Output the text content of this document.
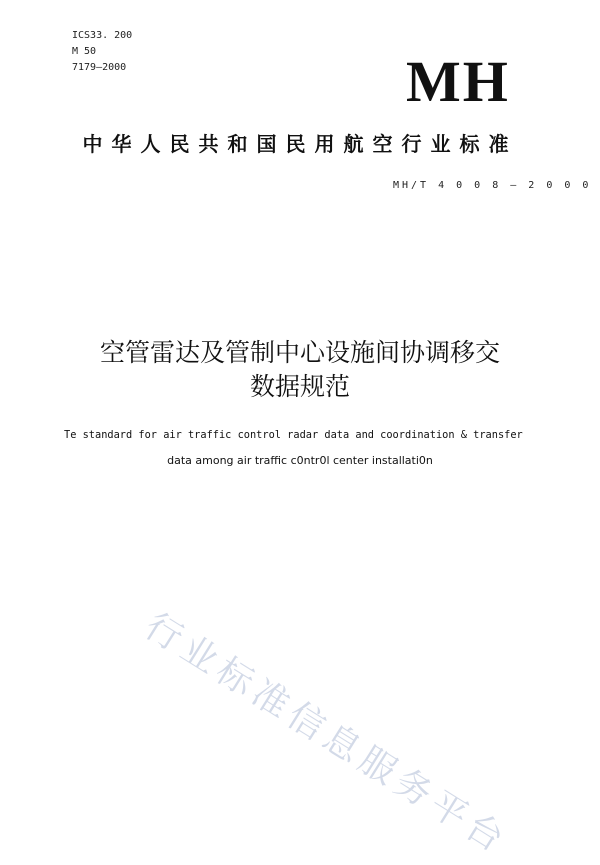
ICS33. 200
M 50
7179—2000	MH
中华人民共和国民用航空行业标准
MH/T 4 0 0 8 — 2 0 0 0
空管雷达及管制中心设施间协调移交
数据规范
Te standard for air traffic control radar data and coordination & transfer
data among air traffic c0ntr0l center installati0n
行业标准信息服务平台
